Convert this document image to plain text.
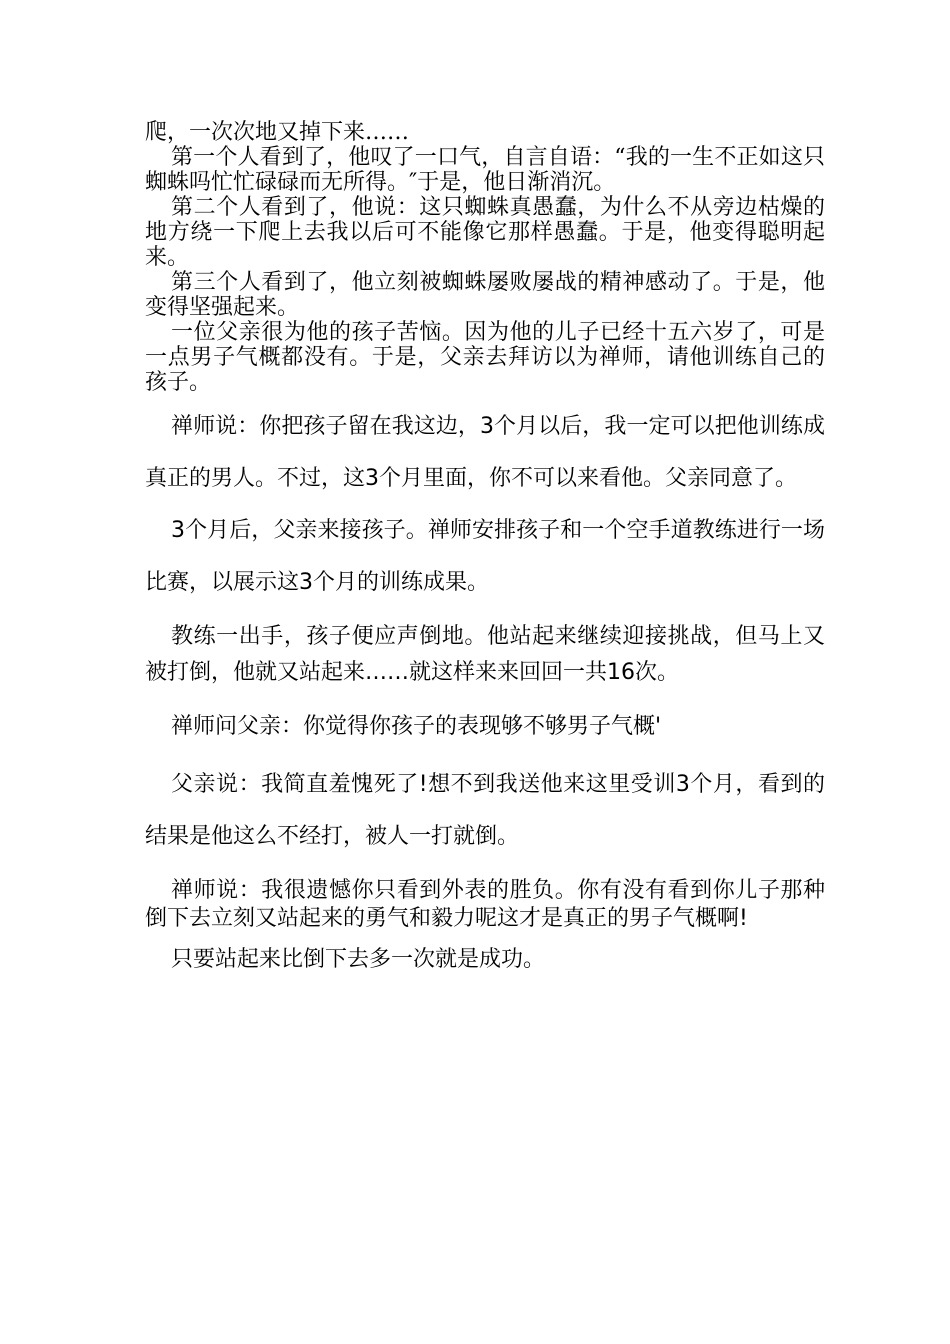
爬，一次次地又掉下来……

第一个人看到了，他叹了一口气，自言自语：“我的一生不正如这只蜘蛛吗忙忙碌碌而无所得。″于是，他日渐消沉。

第二个人看到了，他说：这只蜘蛛真愚蠢，为什么不从旁边枯燥的地方绕一下爬上去我以后可不能像它那样愚蠢。于是，他变得聪明起来。

第三个人看到了，他立刻被蜘蛛屡败屡战的精神感动了。于是，他变得坚强起来。

一位父亲很为他的孩子苦恼。因为他的儿子已经十五六岁了，可是一点男子气概都没有。于是，父亲去拜访以为禅师，请他训练自己的孩子。

禅师说：你把孩子留在我这边，3个月以后，我一定可以把他训练成真正的男人。不过，这3个月里面，你不可以来看他。父亲同意了。

3个月后，父亲来接孩子。禅师安排孩子和一个空手道教练进行一场比赛，以展示这3个月的训练成果。

教练一出手，孩子便应声倒地。他站起来继续迎接挑战，但马上又被打倒，他就又站起来……就这样来来回回一共16次。

禅师问父亲：你觉得你孩子的表现够不够男子气概'

父亲说：我简直羞愧死了!想不到我送他来这里受训3个月，看到的结果是他这么不经打，被人一打就倒。

禅师说：我很遗憾你只看到外表的胜负。你有没有看到你儿子那种倒下去立刻又站起来的勇气和毅力呢这才是真正的男子气概啊!

只要站起来比倒下去多一次就是成功。
